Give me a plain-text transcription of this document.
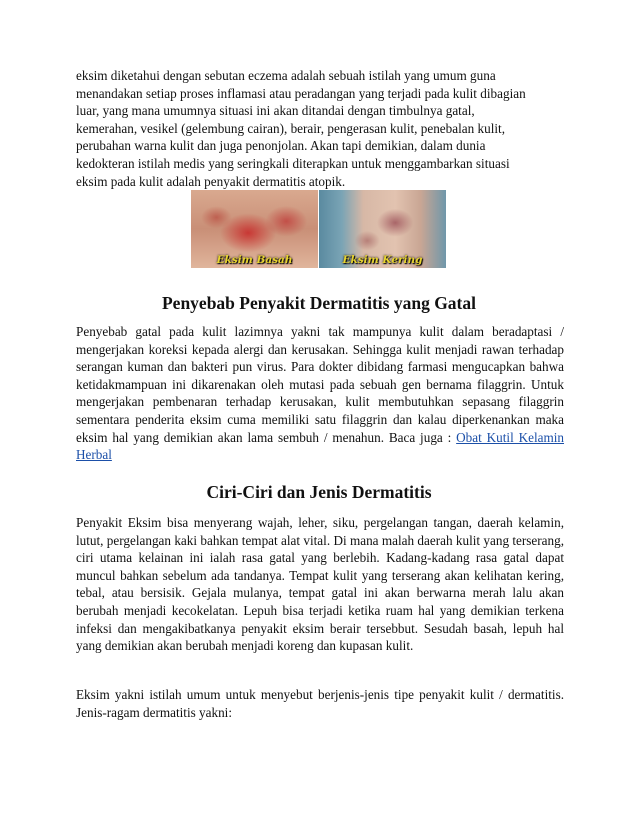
eksim diketahui dengan sebutan eczema adalah sebuah istilah yang umum guna
menandakan setiap proses inflamasi atau peradangan yang terjadi pada kulit dibagian
luar, yang mana umumnya situasi ini akan ditandai dengan timbulnya gatal,
kemerahan, vesikel (gelembung cairan), berair, pengerasan kulit, penebalan kulit,
perubahan warna kulit dan juga penonjolan. Akan tapi demikian, dalam dunia
kedokteran istilah medis yang seringkali diterapkan untuk menggambarkan situasi
eksim pada kulit adalah penyakit dermatitis atopik.
Eksim Basah	Eksim Kering
Penyebab Penyakit Dermatitis yang Gatal

Penyebab gatal pada kulit lazimnya yakni tak mampunya kulit dalam beradaptasi / mengerjakan koreksi kepada alergi dan kerusakan. Sehingga kulit menjadi rawan terhadap serangan kuman dan bakteri pun virus. Para dokter dibidang farmasi mengucapkan bahwa ketidakmampuan ini dikarenakan oleh mutasi pada sebuah gen bernama filaggrin. Untuk mengerjakan pembenaran terhadap kerusakan, kulit membutuhkan sepasang filaggrin sementara penderita eksim cuma memiliki satu filaggrin dan kalau diperkenankan maka eksim hal yang demikian akan lama sembuh / menahun. Baca juga : Obat Kutil Kelamin Herbal

Ciri-Ciri dan Jenis Dermatitis

Penyakit Eksim bisa menyerang wajah, leher, siku, pergelangan tangan, daerah kelamin, lutut, pergelangan kaki bahkan tempat alat vital. Di mana malah daerah kulit yang terserang, ciri utama kelainan ini ialah rasa gatal yang berlebih. Kadang-kadang rasa gatal dapat muncul bahkan sebelum ada tandanya. Tempat kulit yang terserang akan kelihatan kering, tebal, atau bersisik. Gejala mulanya, tempat gatal ini akan berwarna merah lalu akan berubah menjadi kecokelatan. Lepuh bisa terjadi ketika ruam hal yang demikian terkena infeksi dan mengakibatkanya penyakit eksim berair tersebbut. Sesudah basah, lepuh hal yang demikian akan berubah menjadi koreng dan kupasan kulit.

Eksim yakni istilah umum untuk menyebut berjenis-jenis tipe penyakit kulit / dermatitis. Jenis-ragam dermatitis yakni:
